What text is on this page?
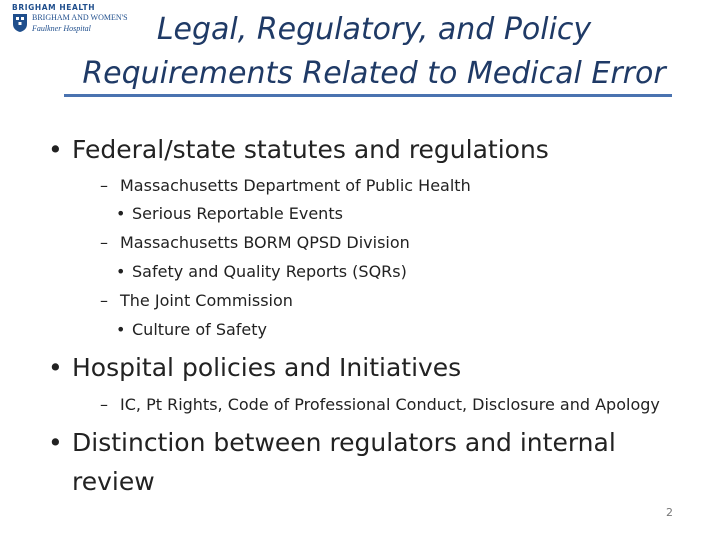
BRIGHAM HEALTH
BRIGHAM AND WOMEN'S
Faulkner Hospital	Legal, Regulatory, and Policy
Requirements Related to Medical Error
• Federal/state statutes and regulations
– Massachusetts Department of Public Health
• Serious Reportable Events
– Massachusetts BORM QPSD Division
• Safety and Quality Reports (SQRs)
– The Joint Commission
• Culture of Safety
• Hospital policies and Initiatives
– IC, Pt Rights, Code of Professional Conduct, Disclosure and Apology
• Distinction between regulators and internal
review
2
